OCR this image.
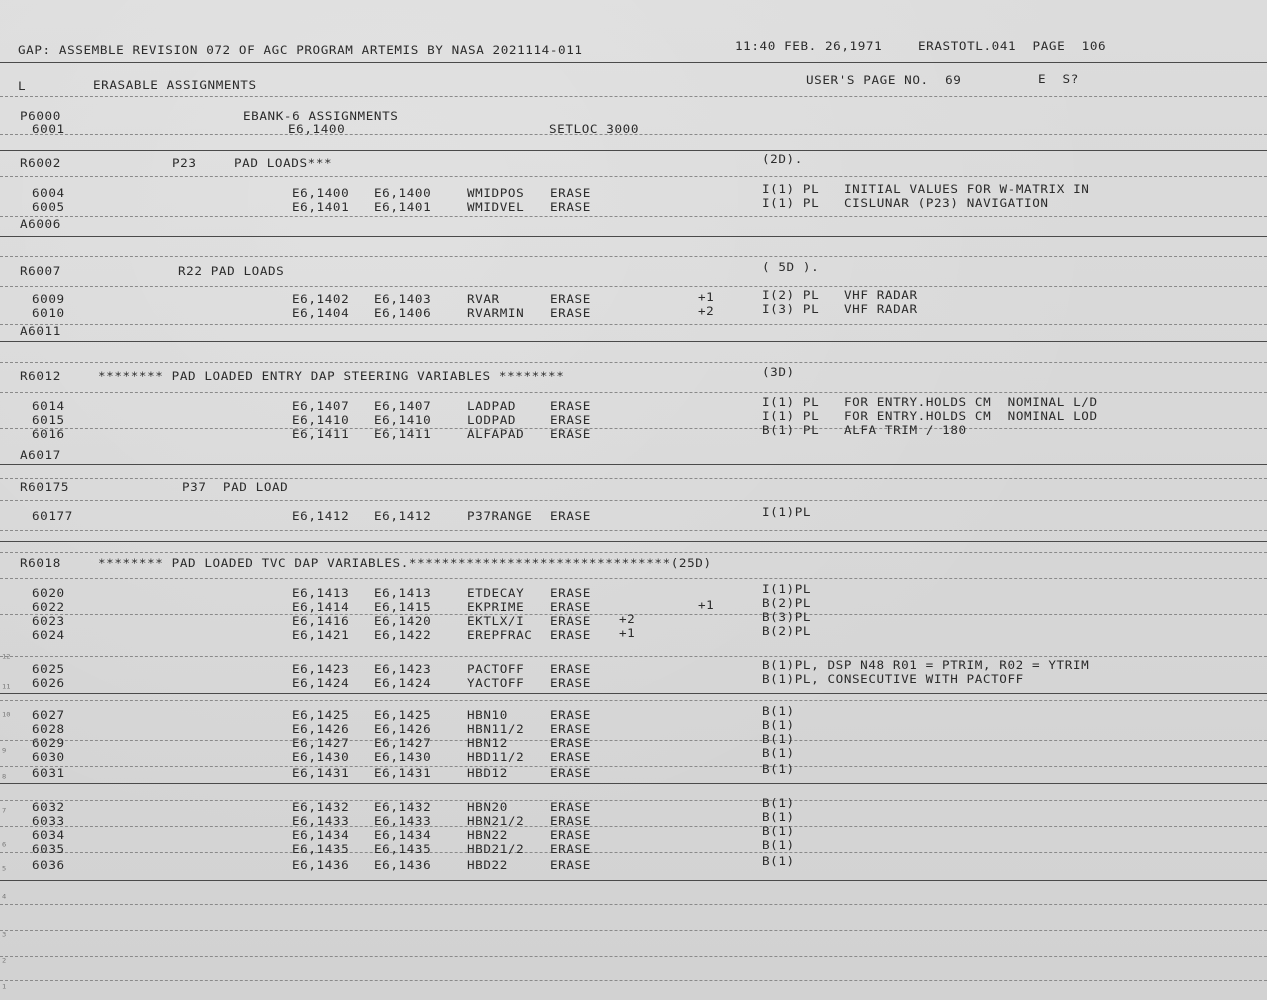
GAP: ASSEMBLE REVISION 072 OF AGC PROGRAM ARTEMIS BY NASA 2021114-011	11:40 FEB. 26,1971	ERASTOTL.041  PAGE  106
L	ERASABLE ASSIGNMENTS	USER'S PAGE NO.  69	E  S?
P6000	EBANK-6 ASSIGNMENTS
6001	E6,1400	SETLOC 3000
R6002	P23	PAD LOADS***	(2D).
6004	E6,1400 E6,1400	WMIDPOS ERASE	I(1) PL INITIAL VALUES FOR W-MATRIX IN
6005	E6,1401 E6,1401	WMIDVEL ERASE	I(1) PL CISLUNAR (P23) NAVIGATION
A6006
R6007	R22 PAD LOADS	( 5D ).
6009	E6,1402 E6,1403	RVAR	ERASE	+1	I(2) PL VHF RADAR
6010	E6,1404 E6,1406	RVARMIN ERASE	+2	I(3) PL VHF RADAR
A6011
R6012	******** PAD LOADED ENTRY DAP STEERING VARIABLES ********	(3D)
6014	E6,1407 E6,1407	LADPAD	ERASE	I(1) PL FOR ENTRY.HOLDS CM  NOMINAL L/D
6015	E6,1410 E6,1410	LODPAD	ERASE	I(1) PL FOR ENTRY.HOLDS CM  NOMINAL LOD
6016	E6,1411 E6,1411	ALFAPAD ERASE	B(1) PL ALFA TRIM / 180
A6017
R60175	P37  PAD LOAD
60177	E6,1412 E6,1412	P37RANGE ERASE	I(1)PL
R6018	******** PAD LOADED TVC DAP VARIABLES.********************************(25D)
6020	E6,1413 E6,1413	ETDECAY ERASE	I(1)PL
6022	E6,1414 E6,1415	EKPRIME ERASE	+1	B(2)PL
6023	E6,1416 E6,1420	EKTLX/I ERASE +2	B(3)PL
6024	E6,1421 E6,1422	EREPFRAC ERASE +1	B(2)PL
6025	E6,1423 E6,1423	PACTOFF ERASE	B(1)PL, DSP N48 R01 = PTRIM, R02 = YTRIM
6026	E6,1424 E6,1424	YACTOFF ERASE	B(1)PL, CONSECUTIVE WITH PACTOFF
6027	E6,1425 E6,1425	HBN10	ERASE	B(1)
6028	E6,1426 E6,1426	HBN11/2 ERASE	B(1)
6029	E6,1427 E6,1427	HBN12	ERASE	B(1)
6030	E6,1430 E6,1430	HBD11/2 ERASE	B(1)
6031	E6,1431 E6,1431	HBD12	ERASE	B(1)
6032	E6,1432 E6,1432	HBN20	ERASE	B(1)
6033	E6,1433 E6,1433	HBN21/2 ERASE	B(1)
6034	E6,1434 E6,1434	HBN22	ERASE	B(1)
6035	E6,1435 E6,1435	HBD21/2 ERASE	B(1)
6036	E6,1436 E6,1436	HBD22	ERASE	B(1)
12
11
10
9
8
7
6
5
4
3
2
1
